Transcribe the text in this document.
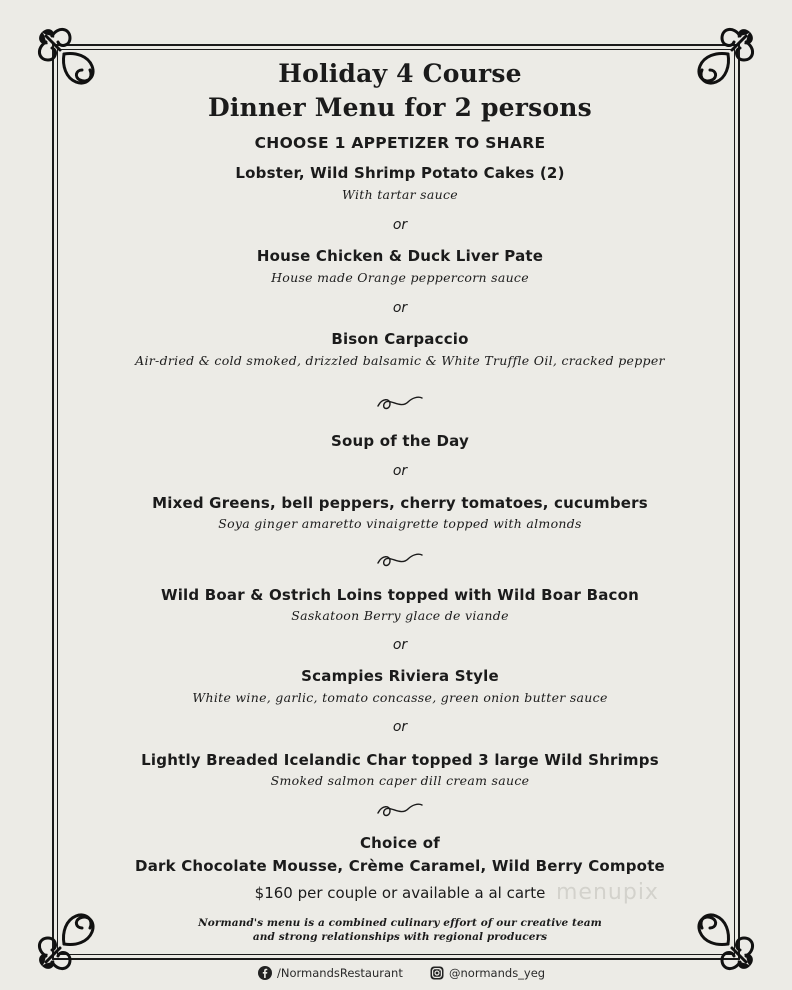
menupix
Holiday 4 Course
Dinner Menu for 2 persons
CHOOSE 1 APPETIZER TO SHARE
Lobster, Wild Shrimp Potato Cakes (2)
With tartar sauce
or
House Chicken & Duck Liver Pate
House made Orange peppercorn sauce
or
Bison Carpaccio
Air-dried & cold smoked, drizzled balsamic & White Truffle Oil, cracked pepper
Soup of the Day
or
Mixed Greens, bell peppers, cherry tomatoes, cucumbers
Soya ginger amaretto vinaigrette topped with almonds
Wild Boar & Ostrich Loins topped with Wild Boar Bacon
Saskatoon Berry glace de viande
or
Scampies Riviera Style
White wine, garlic, tomato concasse, green onion butter sauce
or
Lightly Breaded Icelandic Char topped 3 large Wild Shrimps
Smoked salmon caper dill cream sauce
Choice of
Dark Chocolate Mousse, Crème Caramel, Wild Berry Compote
$160 per couple or available a al carte
Normand's menu is a combined culinary effort of our creative team
and strong relationships with regional producers
/NormandsRestaurant	@normands_yeg
